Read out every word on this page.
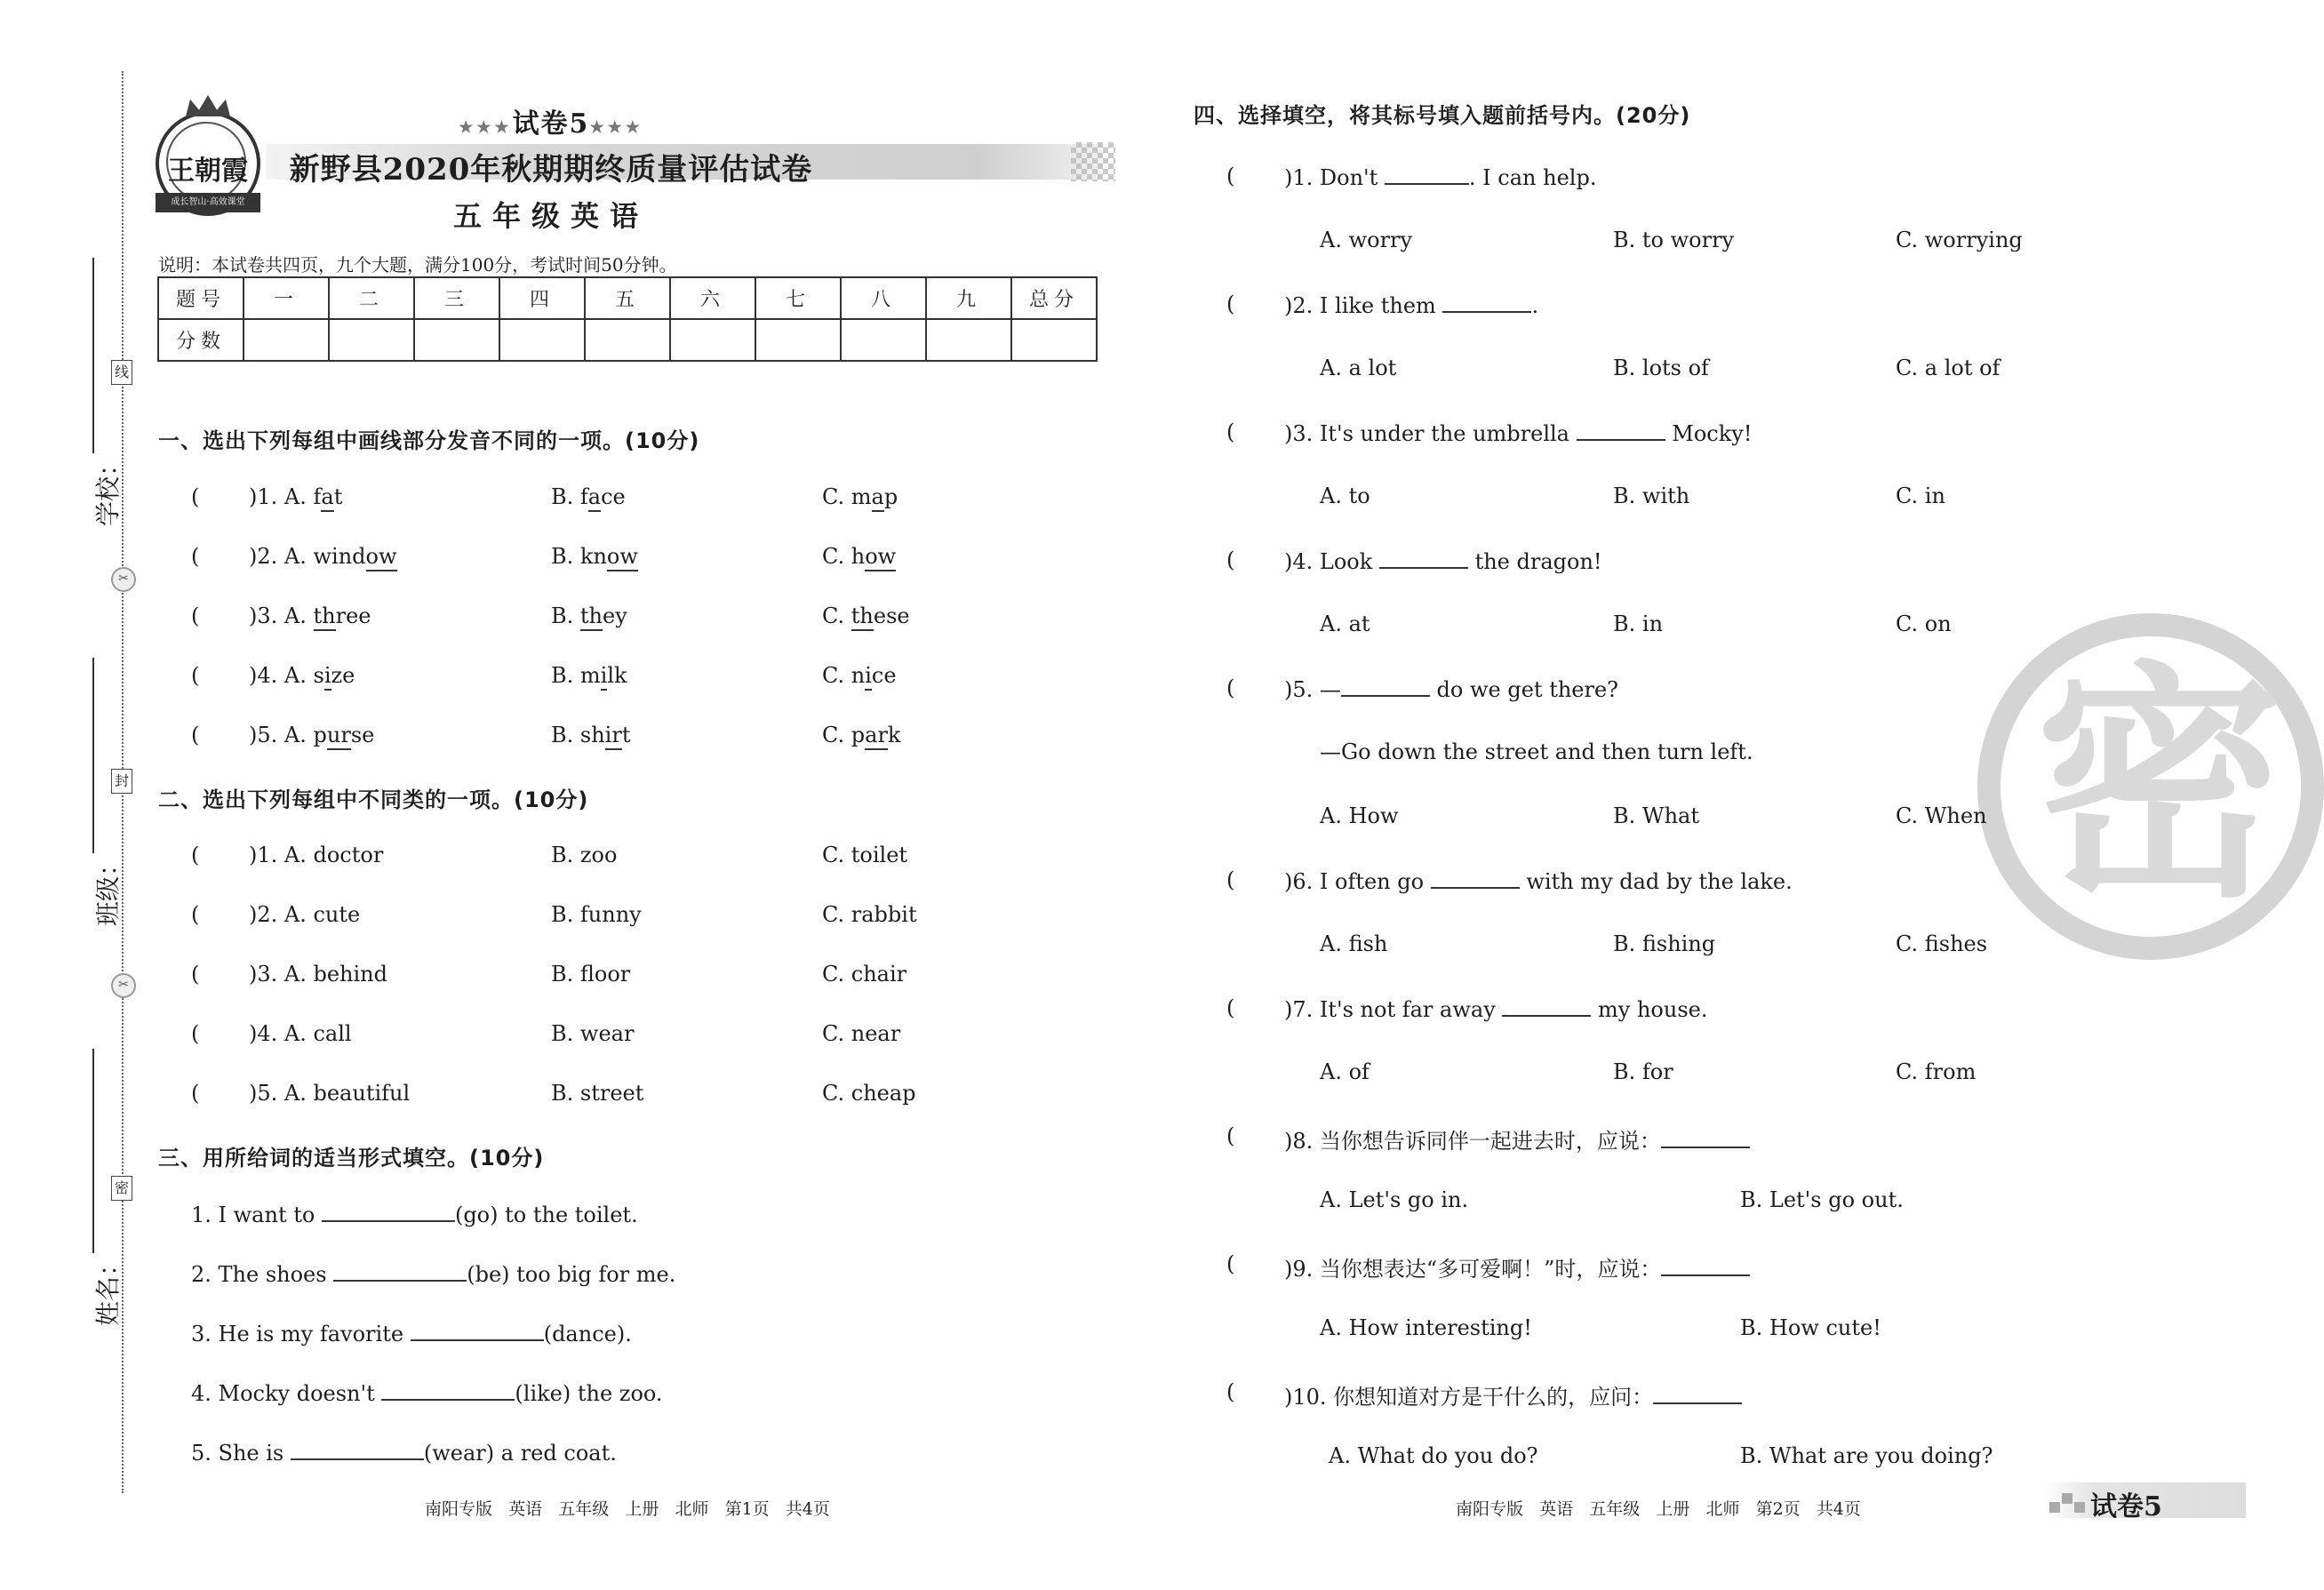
学校：
班级：
姓名：
线
封
密
✂
✂
王朝霞
成长智山·高效课堂
★★★试卷5★★★
新野县2020年秋期期终质量评估试卷
五年级英语
说明：本试卷共四页，九个大题，满分100分，考试时间50分钟。
题号	一	二	三	四	五	六	七	八	九	总分
分数										
一、选出下列每组中画线部分发音不同的一项。(10分)
( )1. A. fat	B. face	C. map
( )2. A. window	B. know	C. how
( )3. A. three	B. they	C. these
( )4. A. size	B. milk	C. nice
( )5. A. purse	B. shirt	C. park
二、选出下列每组中不同类的一项。(10分)
( )1. A. doctor	B. zoo	C. toilet
( )2. A. cute	B. funny	C. rabbit
( )3. A. behind	B. floor	C. chair
( )4. A. call	B. wear	C. near
( )5. A. beautiful	B. street	C. cheap
三、用所给词的适当形式填空。(10分)
1. I want to	(go) to the toilet.
2. The shoes	(be) too big for me.
3. He is my favorite	(dance).
4. Mocky doesn't	(like) the zoo.
5. She is	(wear) a red coat.
南阳专版   英语   五年级   上册   北师   第1页   共4页
密
四、选择填空，将其标号填入题前括号内。(20分)
( )1. Don't	. I can help.
A. worry	B. to worry	C. worrying
( )2. I like them	.
A. a lot	B. lots of	C. a lot of
( )3. It's under the umbrella	Mocky!
A. to	B. with	C. in
( )4. Look	the dragon!
A. at	B. in	C. on
( )5. —	do we get there?
—Go down the street and then turn left.
A. How	B. What	C. When
( )6. I often go	with my dad by the lake.
A. fish	B. fishing	C. fishes
( )7. It's not far away	my house.
A. of	B. for	C. from
( )8. 当你想告诉同伴一起进去时，应说：
A. Let's go in.	B. Let's go out.
( )9. 当你想表达“多可爱啊！”时，应说：
A. How interesting!	B. How cute!
( )10. 你想知道对方是干什么的，应问：
A. What do you do?	B. What are you doing?
南阳专版   英语   五年级   上册   北师   第2页   共4页	试卷5
